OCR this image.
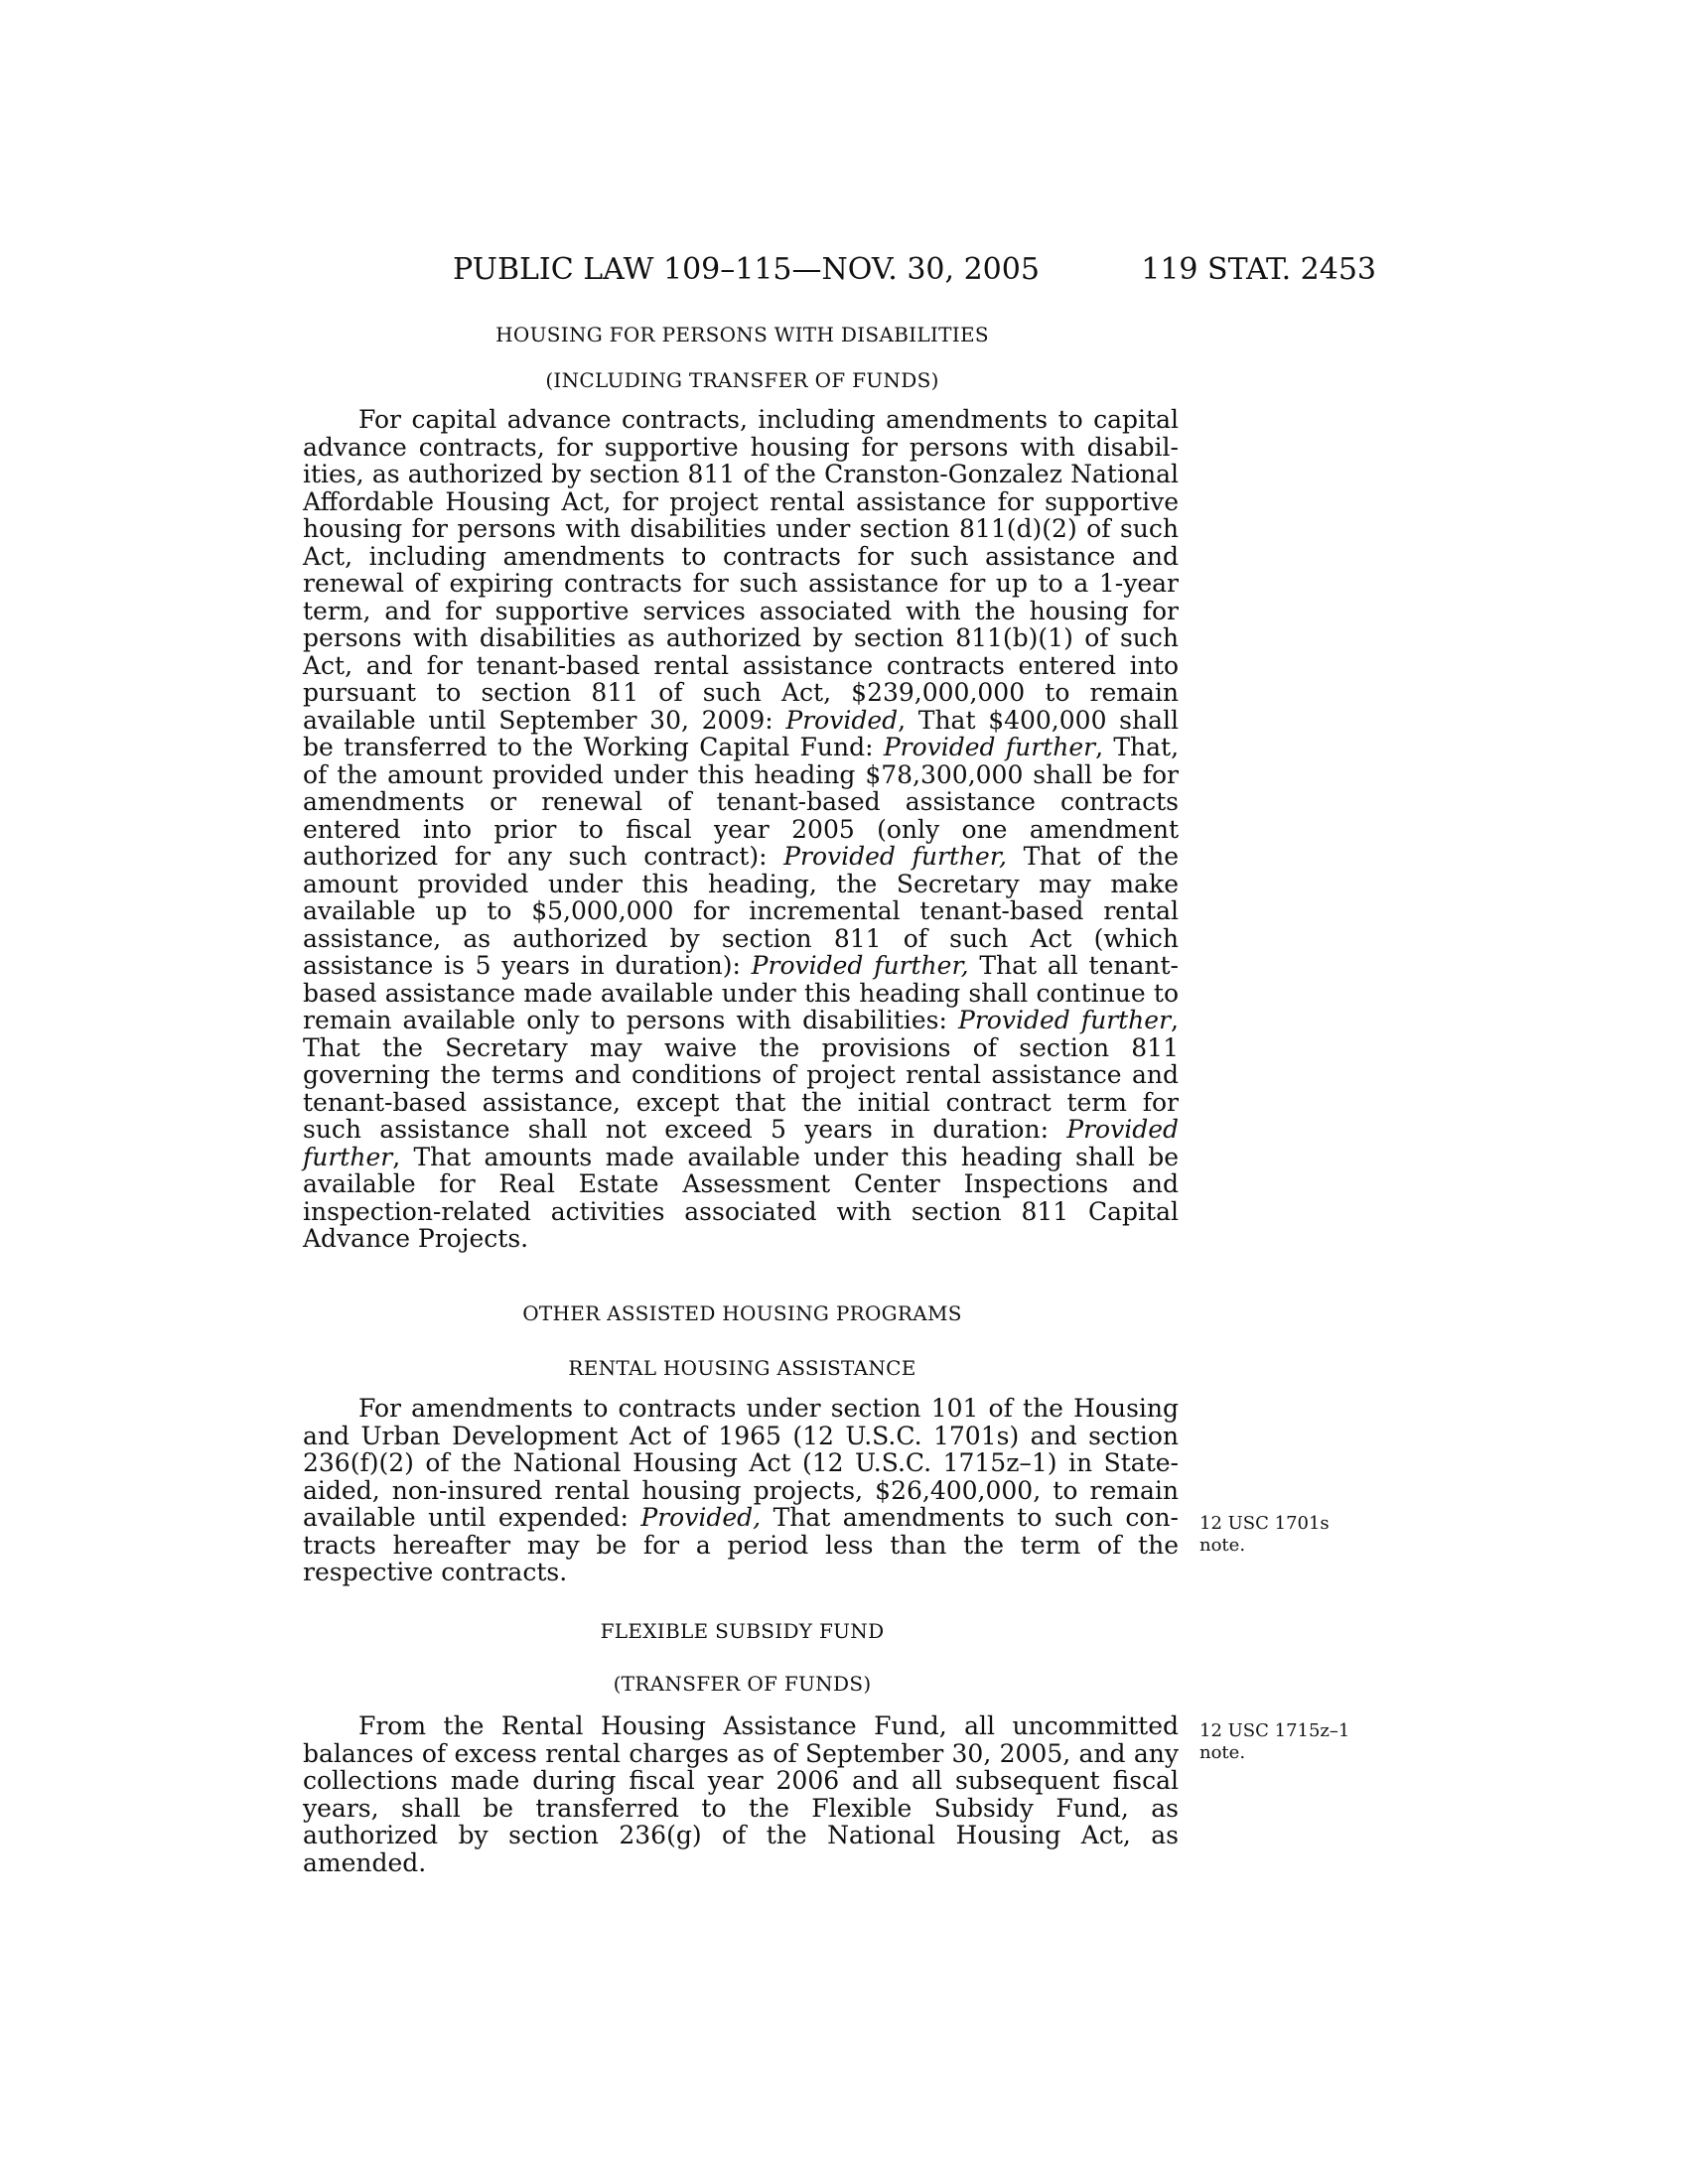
PUBLIC LAW 109–115—NOV. 30, 2005	119 STAT. 2453
HOUSING FOR PERSONS WITH DISABILITIES
(INCLUDING TRANSFER OF FUNDS)
For capital advance contracts, including amendments to capital advance contracts, for supportive housing for persons with disabilities, as authorized by section 811 of the Cranston-Gonzalez National Affordable Housing Act, for project rental assistance for supportive housing for persons with disabilities under section 811(d)(2) of such Act, including amendments to contracts for such assistance and renewal of expiring contracts for such assistance for up to a 1-year term, and for supportive services associated with the housing for persons with disabilities as authorized by section 811(b)(1) of such Act, and for tenant-based rental assistance contracts entered into pursuant to section 811 of such Act, $239,000,000 to remain available until September 30, 2009: Provided, That $400,000 shall be transferred to the Working Capital Fund: Provided further, That, of the amount provided under this heading $78,300,000 shall be for amendments or renewal of tenant-based assistance contracts entered into prior to fiscal year 2005 (only one amendment authorized for any such contract): Provided further, That of the amount provided under this heading, the Secretary may make available up to $5,000,000 for incremental tenant-based rental assistance, as authorized by section 811 of such Act (which assistance is 5 years in duration): Provided further, That all tenant-based assistance made available under this heading shall continue to remain available only to persons with disabilities: Provided further, That the Secretary may waive the provisions of section 811 governing the terms and conditions of project rental assistance and tenant-based assistance, except that the initial contract term for such assistance shall not exceed 5 years in duration: Provided further, That amounts made available under this heading shall be available for Real Estate Assessment Center Inspections and inspection-related activities associated with section 811 Capital Advance Projects.
OTHER ASSISTED HOUSING PROGRAMS
RENTAL HOUSING ASSISTANCE
For amendments to contracts under section 101 of the Housing and Urban Development Act of 1965 (12 U.S.C. 1701s) and section 236(f)(2) of the National Housing Act (12 U.S.C. 1715z–1) in State-aided, non-insured rental housing projects, $26,400,000, to remain available until expended: Provided, That amendments to such contracts hereafter may be for a period less than the term of the respective contracts.
12 USC 1701s
note.
FLEXIBLE SUBSIDY FUND
(TRANSFER OF FUNDS)
From the Rental Housing Assistance Fund, all uncommitted balances of excess rental charges as of September 30, 2005, and any collections made during fiscal year 2006 and all subsequent fiscal years, shall be transferred to the Flexible Subsidy Fund, as authorized by section 236(g) of the National Housing Act, as amended.
12 USC 1715z–1
note.
